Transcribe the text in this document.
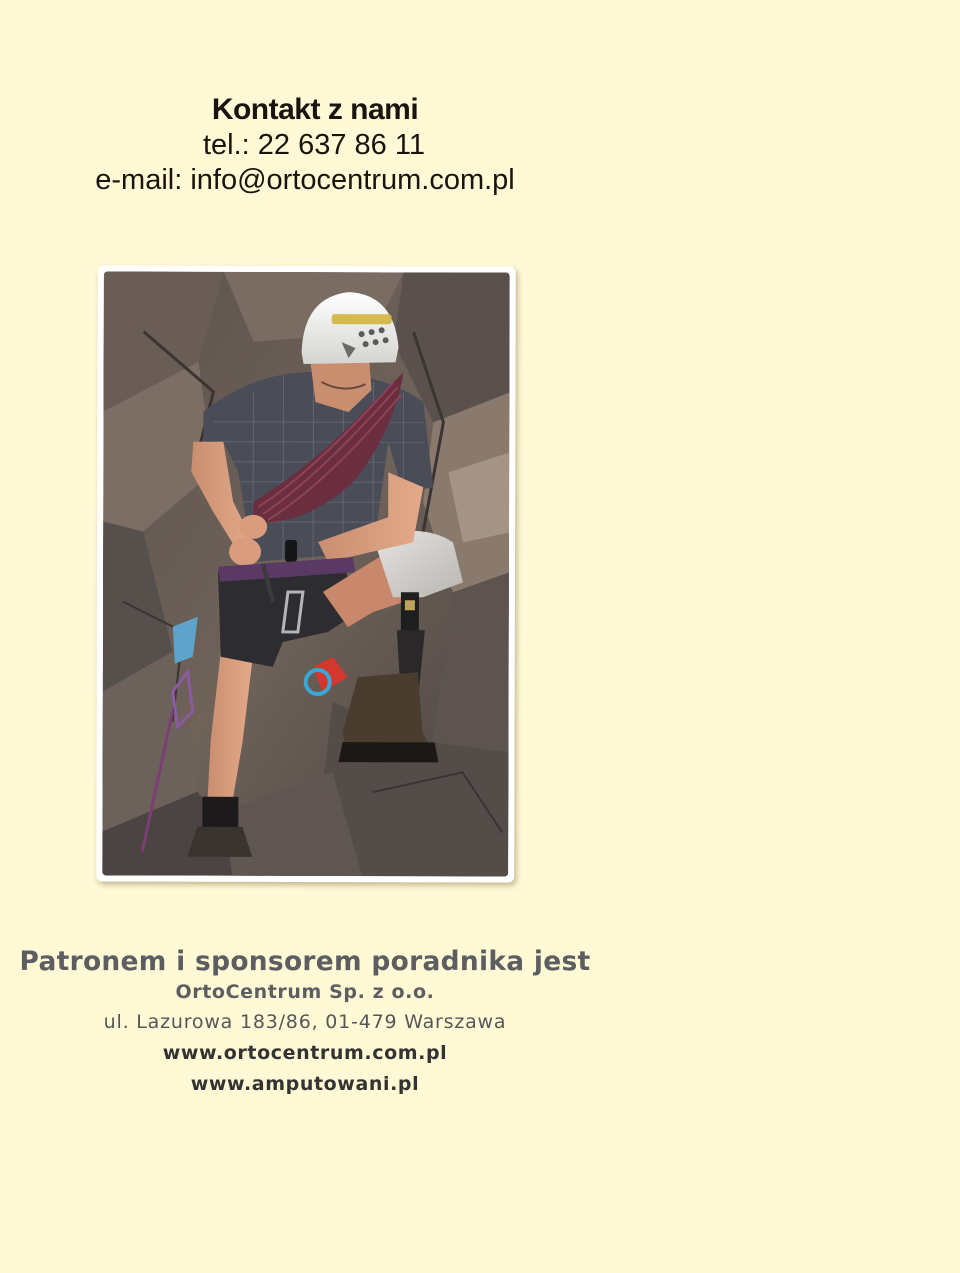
Kontakt z nami
tel.: 22 637 86 11
e-mail: info@ortocentrum.com.pl
Patronem i sponsorem poradnika jest
OrtoCentrum Sp. z o.o.
ul. Lazurowa 183/86, 01-479 Warszawa
www.ortocentrum.com.pl
www.amputowani.pl
